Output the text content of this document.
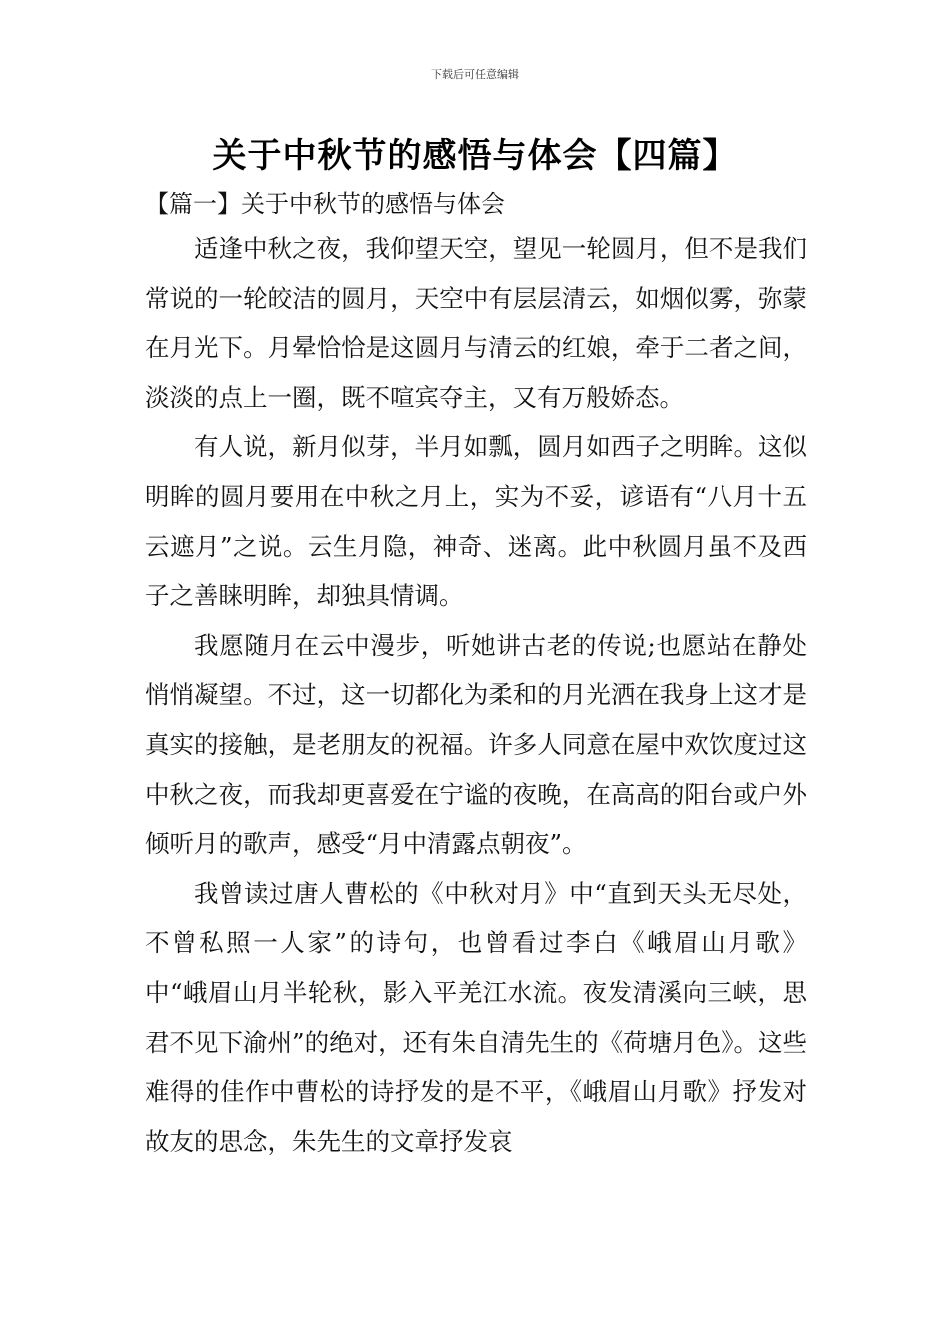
下载后可任意编辑
关于中秋节的感悟与体会【四篇】
【篇一】关于中秋节的感悟与体会

适逢中秋之夜，我仰望天空，望见一轮圆月，但不是我们常说的一轮皎洁的圆月，天空中有层层清云，如烟似雾，弥蒙在月光下。月晕恰恰是这圆月与清云的红娘，牵于二者之间，淡淡的点上一圈，既不喧宾夺主，又有万般娇态。

有人说，新月似芽，半月如瓢，圆月如西子之明眸。这似明眸的圆月要用在中秋之月上，实为不妥，谚语有“八月十五云遮月”之说。云生月隐，神奇、迷离。此中秋圆月虽不及西子之善睐明眸，却独具情调。

我愿随月在云中漫步，听她讲古老的传说;也愿站在静处悄悄凝望。不过，这一切都化为柔和的月光洒在我身上这才是真实的接触，是老朋友的祝福。许多人同意在屋中欢饮度过这中秋之夜，而我却更喜爱在宁谧的夜晚，在高高的阳台或户外倾听月的歌声，感受“月中清露点朝夜”。

我曾读过唐人曹松的《中秋对月》中“直到天头无尽处，不曾私照一人家”的诗句，也曾看过李白《峨眉山月歌》中“峨眉山月半轮秋，影入平羌江水流。夜发清溪向三峡，思君不见下渝州”的绝对，还有朱自清先生的《荷塘月色》。这些难得的佳作中曹松的诗抒发的是不平，《峨眉山月歌》抒发对故友的思念，朱先生的文章抒发哀
